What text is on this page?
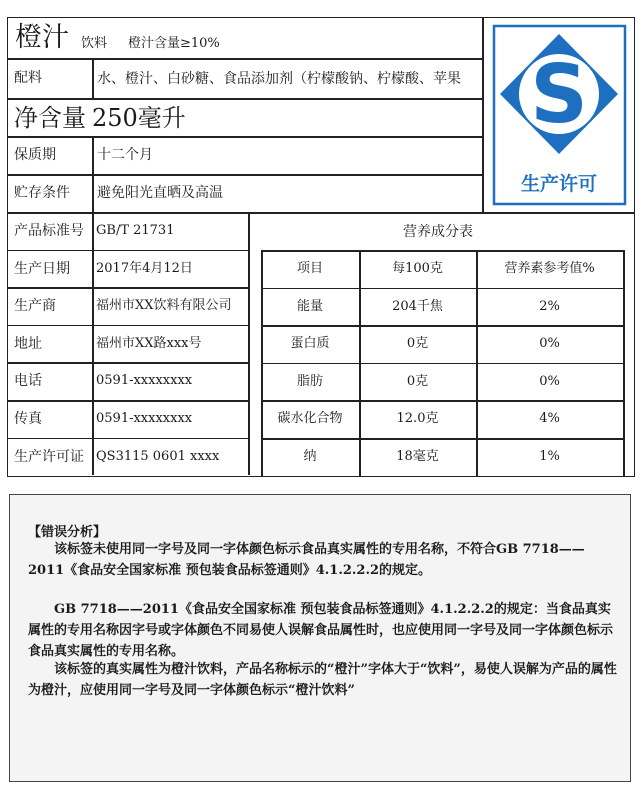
橙汁 饮料 橙汁含量≥10%
配料	水、橙汁、白砂糖、食品添加剂（柠檬酸钠、柠檬酸、苹果
净含量 250毫升
保质期	十二个月
贮存条件 避免阳光直晒及高温
S
生产许可
产品标准号 GB/T 21731
生产日期 2017年4月12日
生产商	福州市XX饮料有限公司
地址	福州市XX路xxx号
电话	0591-xxxxxxxx
传真	0591-xxxxxxxx
生产许可证 QS3115 0601 xxxx
营养成分表
项目	每100克	营养素参考值%
能量	204千焦	2%
蛋白质	0克	0%
脂肪	0克	0%
碳水化合物	12.0克	4%
纳	18毫克	1%
【错误分析】
该标签未使用同一字号及同一字体颜色标示食品真实属性的专用名称，不符合GB 7718——2011《食品安全国家标准 预包装食品标签通则》4.1.2.2.2的规定。
GB 7718——2011《食品安全国家标准 预包装食品标签通则》4.1.2.2.2的规定：当食品真实属性的专用名称因字号或字体颜色不同易使人误解食品属性时，也应使用同一字号及同一字体颜色标示食品真实属性的专用名称。
该标签的真实属性为橙汁饮料，产品名称标示的“橙汁”字体大于“饮料”，易使人误解为产品的属性为橙汁，应使用同一字号及同一字体颜色标示“橙汁饮料”
